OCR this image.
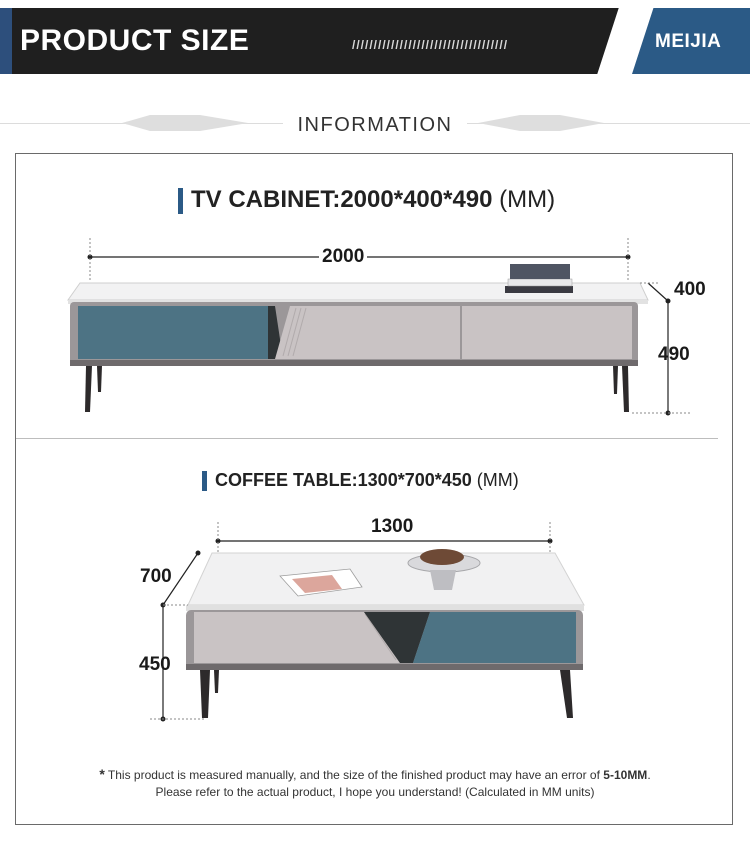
PRODUCT SIZE	////////////////////////////////////	MEIJIA
INFORMATION
TV CABINET:2000*400*490 (MM)
2000
400
490
COFFEE TABLE:1300*700*450 (MM)
1300
700
450
* This product is measured manually, and the size of the finished product may have an error of 5-10MM.
Please refer to the actual product, I hope you understand! (Calculated in MM units)
